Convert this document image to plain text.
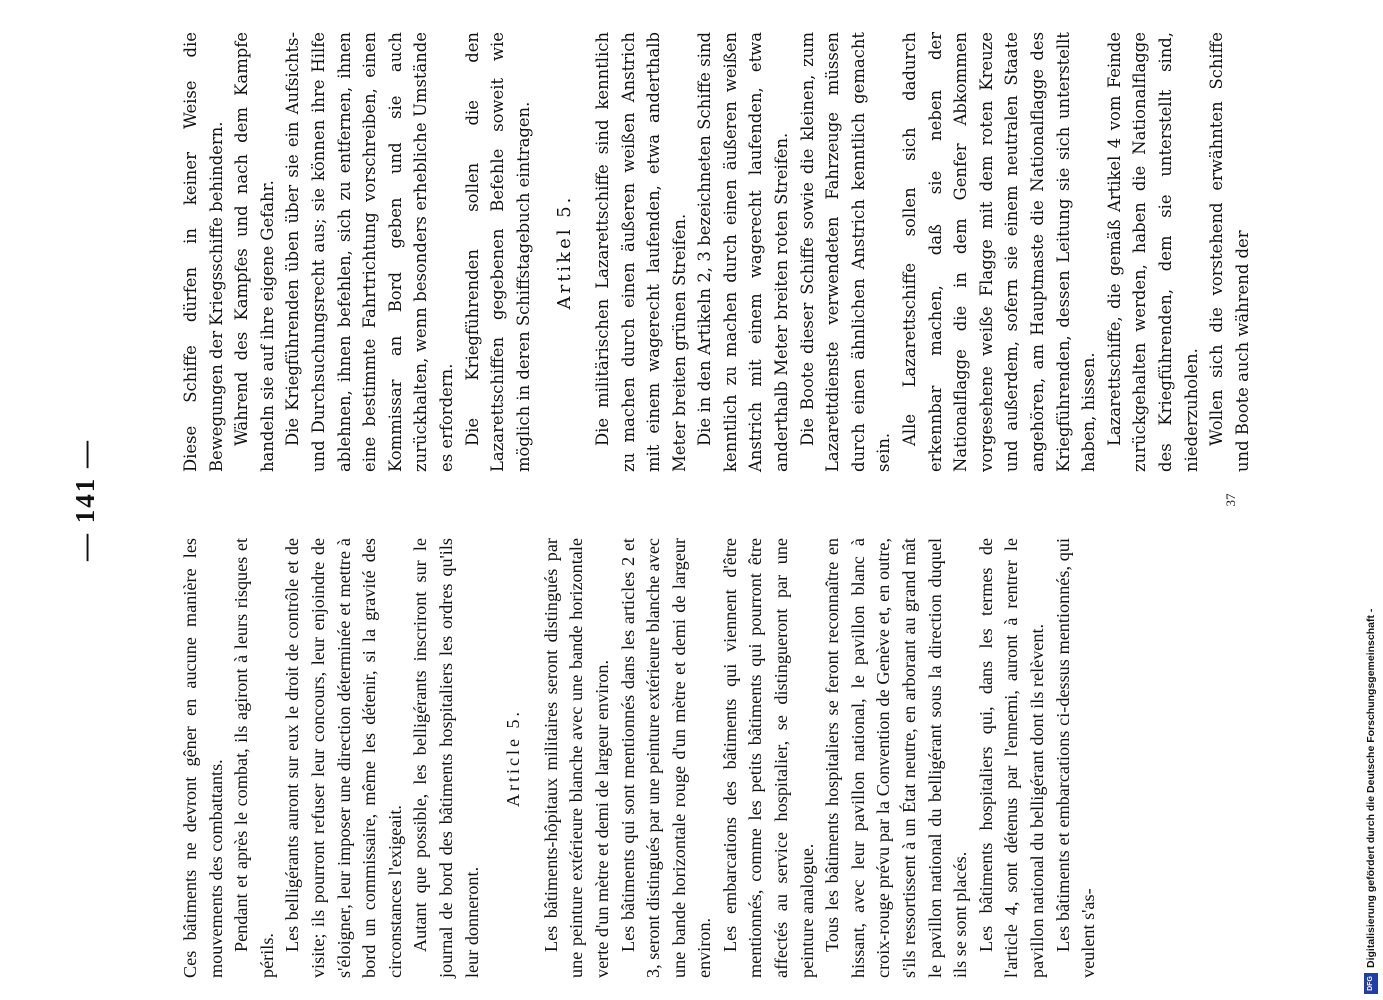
— 141 —

Ces bâtiments ne devront gêner en aucune manière les mouvements des combattants. Pendant et après le combat, ils agiront à leurs risques et périls.

Les belligérants auront sur eux le droit de contrôle et de visite; ils pourront refuser leur concours, leur enjoindre de s'éloigner, leur imposer une direction déterminée et mettre à bord un commissaire, même les détenir, si la gravité des circonstances l'exigeait. Autant que possible, les belligérants inscriront sur le journal de bord des bâtiments hospitaliers les ordres qu'ils leur donneront.

Article 5. Les bâtiments-hôpitaux militaires seront distingués par une peinture extérieure blanche avec une bande horizontale verte d'un mètre et demi de largeur environ. Les bâtiments qui sont mentionnés dans les articles 2 et 3, seront distingués par une peinture extérieure blanche avec une bande horizontale rouge d'un mètre et demi de largeur environ. Les embarcations des bâtiments qui viennent d'être mentionnés, comme les petits bâtiments qui pourront être affectés au service hospitalier, se distingueront par une peinture analogue. Tous les bâtiments hospitaliers se feront reconnaître en hissant, avec leur pavillon national, le pavillon blanc à croix-rouge prévu par la Convention de Genève et, en outre, s'ils ressortissent à un État neutre, en arborant au grand mât le pavillon national du belligérant sous la direction duquel ils se sont placés. Les bâtiments hospitaliers qui, dans les termes de l'article 4, sont détenus par l'ennemi, auront à rentrer le pavillon national du belligérant dont ils relèvent. Les bâtiments et embarcations ci-dessus mentionnés, qui veulent s'as-

Diese Schiffe dürfen in keiner Weise die Bewegungen der Kriegsschiffe behindern. Während des Kampfes und nach dem Kampfe handeln sie auf ihre eigene Gefahr. Die Kriegführenden üben über sie ein Aufsichts- und Durchsuchungsrecht aus; sie können ihre Hilfe ablehnen, ihnen befehlen, sich zu entfernen, ihnen eine bestimmte Fahrtrichtung vorschreiben, einen Kommissar an Bord geben und sie auch zurückhalten, wenn besonders erhebliche Umstände es erfordern. Die Kriegführenden sollen die den Lazarettschiffen gegebenen Befehle soweit wie möglich in deren Schiffstagebuch eintragen. Artikel 5. Die militärischen Lazarettschiffe sind kenntlich zu machen durch einen äußeren weißen Anstrich mit einem wagerecht laufenden, etwa anderthalb Meter breiten grünen Streifen. Die in den Artikeln 2, 3 bezeichneten Schiffe sind kenntlich zu machen durch einen äußeren weißen Anstrich mit einem wagerecht laufenden, etwa anderthalb Meter breiten roten Streifen. Die Boote dieser Schiffe sowie die kleinen, zum Lazarettdienste verwendeten Fahrzeuge müssen durch einen ähnlichen Anstrich kenntlich gemacht sein.

Alle Lazarettschiffe sollen sich dadurch erkennbar machen, daß sie neben der Nationalflagge die in dem Genfer Abkommen vorgesehene weiße Flagge mit dem roten Kreuze und außerdem, sofern sie einem neutralen Staate angehören, am Hauptmaste die Nationalflagge des Kriegführenden, dessen Leitung sie sich unterstellt haben, hissen. Lazarettschiffe, die gemäß Artikel 4 vom Feinde zurückgehalten werden, haben die Nationalflagge des Kriegführenden, dem sie unterstellt sind, niederzuholen. Wollen sich die vorstehend erwähnten Schiffe und Boote auch während der

37
DFG
Digitalisierung gefördert durch die Deutsche Forschungsgemeinschaft -
